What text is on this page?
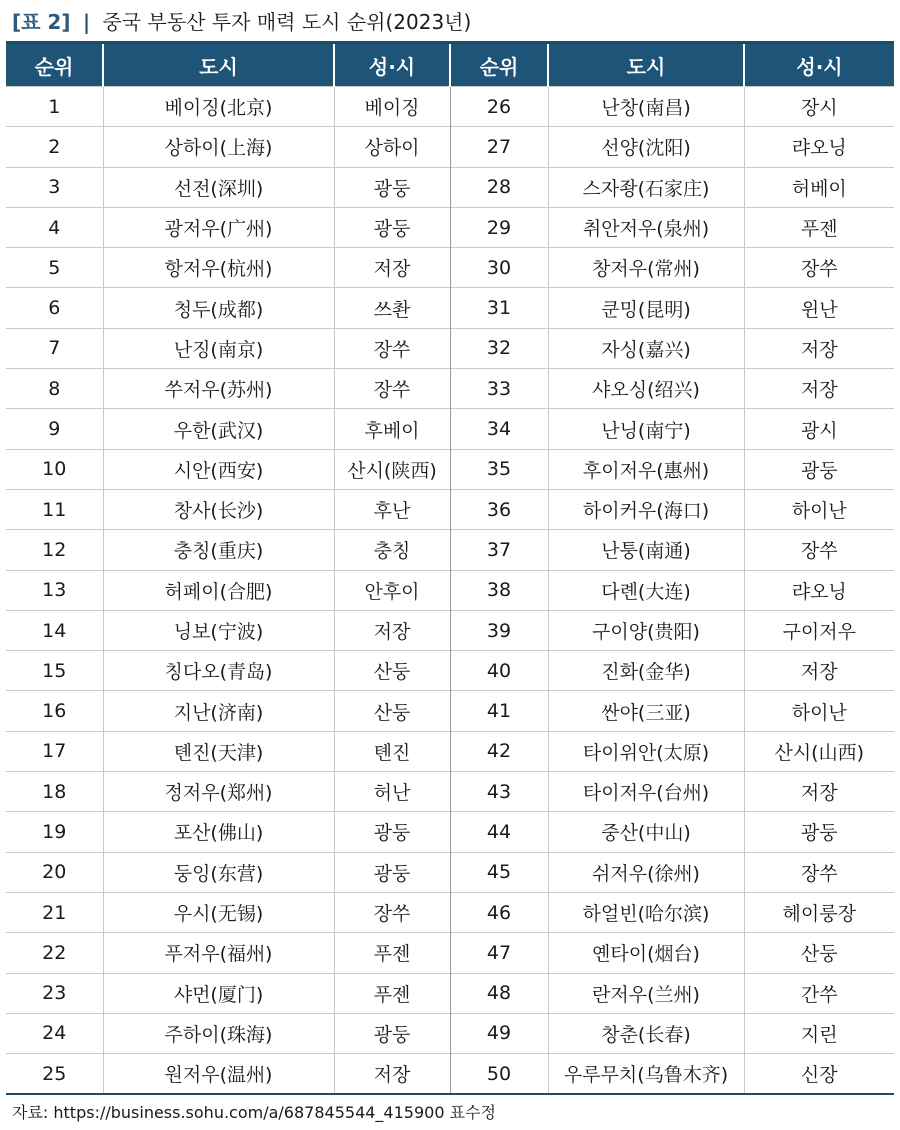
[표 2] | 중국 부동산 투자 매력 도시 순위(2023년)
순위	도시	성·시	순위	도시	성·시
1	베이징(北京)	베이징	26	난창(南昌)	장시
2	상하이(上海)	상하이	27	선양(沈阳)	랴오닝
3	선전(深圳)	광둥	28	스자좡(石家庄)	허베이
4	광저우(广州)	광둥	29	취안저우(泉州)	푸젠
5	항저우(杭州)	저장	30	창저우(常州)	장쑤
6	청두(成都)	쓰촨	31	쿤밍(昆明)	윈난
7	난징(南京)	장쑤	32	자싱(嘉兴)	저장
8	쑤저우(苏州)	장쑤	33	샤오싱(绍兴)	저장
9	우한(武汉)	후베이	34	난닝(南宁)	광시
10	시안(西安)	산시(陕西)	35	후이저우(惠州)	광둥
11	창사(长沙)	후난	36	하이커우(海口)	하이난
12	충칭(重庆)	충칭	37	난퉁(南通)	장쑤
13	허페이(合肥)	안후이	38	다롄(大连)	랴오닝
14	닝보(宁波)	저장	39	구이양(贵阳)	구이저우
15	칭다오(青岛)	산둥	40	진화(金华)	저장
16	지난(济南)	산둥	41	싼야(三亚)	하이난
17	톈진(天津)	톈진	42	타이위안(太原)	산시(山西)
18	정저우(郑州)	허난	43	타이저우(台州)	저장
19	포산(佛山)	광둥	44	중산(中山)	광둥
20	둥잉(东营)	광둥	45	쉬저우(徐州)	장쑤
21	우시(无锡)	장쑤	46	하얼빈(哈尔滨)	헤이룽장
22	푸저우(福州)	푸젠	47	옌타이(烟台)	산둥
23	샤먼(厦门)	푸젠	48	란저우(兰州)	간쑤
24	주하이(珠海)	광둥	49	창춘(长春)	지린
25	원저우(温州)	저장	50	우루무치(乌鲁木齐)	신장
자료: https://business.sohu.com/a/687845544_415900 표수정
